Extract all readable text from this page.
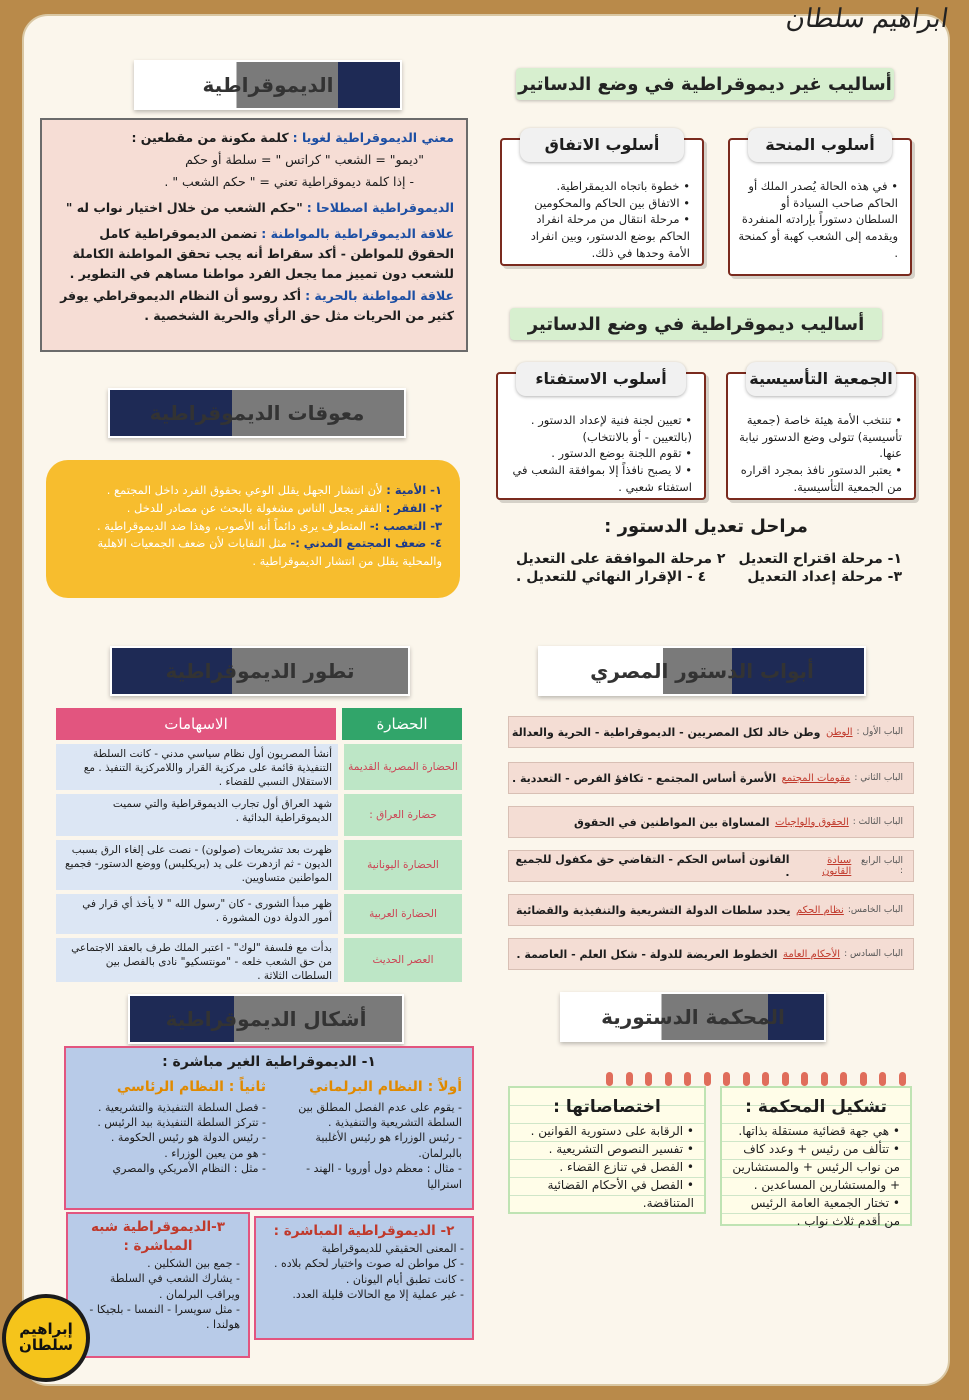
ابراهيم سلطان
الديموقراطية

معني الديموقراطية لغويا : كلمة مكونة من مقطعين :

"ديمو" = الشعب " كراتس " = سلطة أو حكم

- إذا كلمة ديموقراطية تعني = " حكم الشعب " .

الديموقراطية اصطلاحا : "حكم الشعب من خلال اختيار نواب له "

علاقة الديموقراطية بالمواطنة : تضمن الديموقراطية كامل الحقوق للمواطن - أكد سقراط أنه يجب تحقق المواطنة الكاملة للشعب دون تمييز مما يجعل الفرد مواطنا مساهم في التطوير .

علاقة المواطنة بالحرية : أكد روسو أن النظام الديموقراطي يوفر كثير من الحريات مثل حق الرأي والحرية الشخصية .

معوقات الديموقراطية
١- الأمية : لأن انتشار الجهل يقلل الوعي بحقوق الفرد داخل المجتمع .
٢- الفقر : الفقر يجعل الناس مشغولة بالبحث عن مصادر للدخل .
٣- التعصب :- المتطرف يرى دائماً أنه الأصوب، وهذا ضد الديموقراطية .
٤- ضعف المجتمع المدني :- مثل النقابات لأن ضعف الجمعيات الاهلية والمحلية يقلل من انتشار الديموقراطية .
تطور الديموقراطية
الحضارة
الاسهامات
الحضارة المصرية القديمة
أنشأ المصريون أول نظام سياسي مدني - كانت السلطة التنفيذية قائمة على مركزية القرار واللامركزية التنفيذ . مع الاستقلال النسبي للقضاء .
حضارة العراق :
شهد العراق أول تجارب الديموقراطية والتي سميت الديموقراطية البدائية .
الحضارة اليونانية
ظهرت بعد تشريعات (صولون) - نصت على إلغاء الرق بسبب الديون - ثم ازدهرت على يد (بريكليس) ووضع الدستور- فجميع المواطنين متساويين.
الحضارة العربية
ظهر مبدأ الشورى - كان "رسول الله " لا يأخذ أي قرار في أمور الدولة دون المشورة .
العصر الحديث
بدأت مع فلسفة "لوك" - اعتبر الملك طرف بالعقد الاجتماعي من حق الشعب خلعه - "مونتسكيو" نادى بالفصل بين السلطات الثلاثة .
أشكال الديموقراطية
١- الديموقراطية الغير مباشرة :
أولاً : النظام البرلماني
- يقوم على عدم الفصل المطلق بين السلطة التشريعية والتنفيذية .
- رئيس الوزراء هو رئيس الأغلبية بالبرلمان.
- مثال : معظم دول أوروبا - الهند - استراليا
ثانياً : النظام الرئاسي
- فصل السلطة التنفيذية والتشريعية .
- تتركز السلطة التنفيذية بيد الرئيس .
- رئيس الدولة هو رئيس الحكومة .
- هو من يعين الوزراء .
- مثل : النظام الأمريكي والمصري
٢- الديموقراطية المباشرة :
- المعنى الحقيقي للديموقراطية
- كل مواطن له صوت واختيار لحكم بلاده .
- كانت تطبق أيام اليونان .
- غير عملية إلا مع الحالات قليلة العدد.
٣-الديموقراطية شبه المباشرة :
- جمع بين الشكلين .
- يشارك الشعب في السلطة ويراقب البرلمان .
- مثل سويسرا - النمسا - بلجيكا - هولندا .
إبراهيم سلطان
أساليب غير ديموقراطية في وضع الدساتير
أسلوب المنحة
• في هذه الحالة يُصدر الملك أو الحاكم صاحب السيادة أو السلطان دستوراً بإرادته المنفردة ويقدمه إلى الشعب كهبة أو كمنحة .
أسلوب الاتفاق
• خطوة باتجاه الديمقراطية.
• الاتفاق بين الحاكم والمحكومين
• مرحلة انتقال من مرحلة انفراد الحاكم بوضع الدستور، وبين انفراد الأمة وحدها في ذلك.
أساليب ديموقراطية في وضع الدساتير
الجمعية التأسيسية
• تنتخب الأمة هيئة خاصة (جمعية تأسيسية) تتولى وضع الدستور نيابة عنها.
• يعتبر الدستور نافذ بمجرد اقراره من الجمعية التأسيسية.
أسلوب الاستفتاء
• تعيين لجنة فنية لإعداد الدستور . (بالتعيين - أو بالانتخاب)
• تقوم اللجنة بوضع الدستور .
• لا يصبح نافذاً إلا بموافقة الشعب في استفتاء شعبي .
مراحل تعديل الدستور :
١- مرحلة اقتراح التعديل
٢ مرحلة الموافقة على التعديل
٣- مرحلة إعداد التعديل
٤ - الإقرار النهائي للتعديل .
أبواب الدستور المصري
الباب الأول :
الوطن

وطن خالد لكل المصريين - الديموقراطية - الحرية والعدالة
الباب الثاني :
مقومات المجتمع

الأسرة أساس المجتمع - تكافؤ الفرص - التعددية .
الباب الثالث :
الحقوق والواجبات

المساواة بين المواطنين في الحقوق
الباب الرابع :
سيادة القانون

القانون أساس الحكم - التقاضي حق مكفول للجميع .
الباب الخامس:
نظام الحكم

يحدد سلطات الدولة التشريعية والتنفيذية والقضائية
الباب السادس :
الأحكام العامة

الخطوط العريضة للدولة - شكل العلم - العاصمة .
المحكمة الدستورية
تشكيل المحكمة :
• هي جهة قضائية مستقلة بذاتها.
• تتألف من رئيس + وعدد كاف من نواب الرئيس + والمستشارين + والمستشارين المساعدين .
• تختار الجمعية العامة الرئيس من أقدم ثلاث نواب .
اختصاصاتها :
• الرقابة على دستورية القوانين .
• تفسير النصوص التشريعية .
• الفصل في تنازع القضاء .
• الفصل في الأحكام القضائية المتناقضة.
